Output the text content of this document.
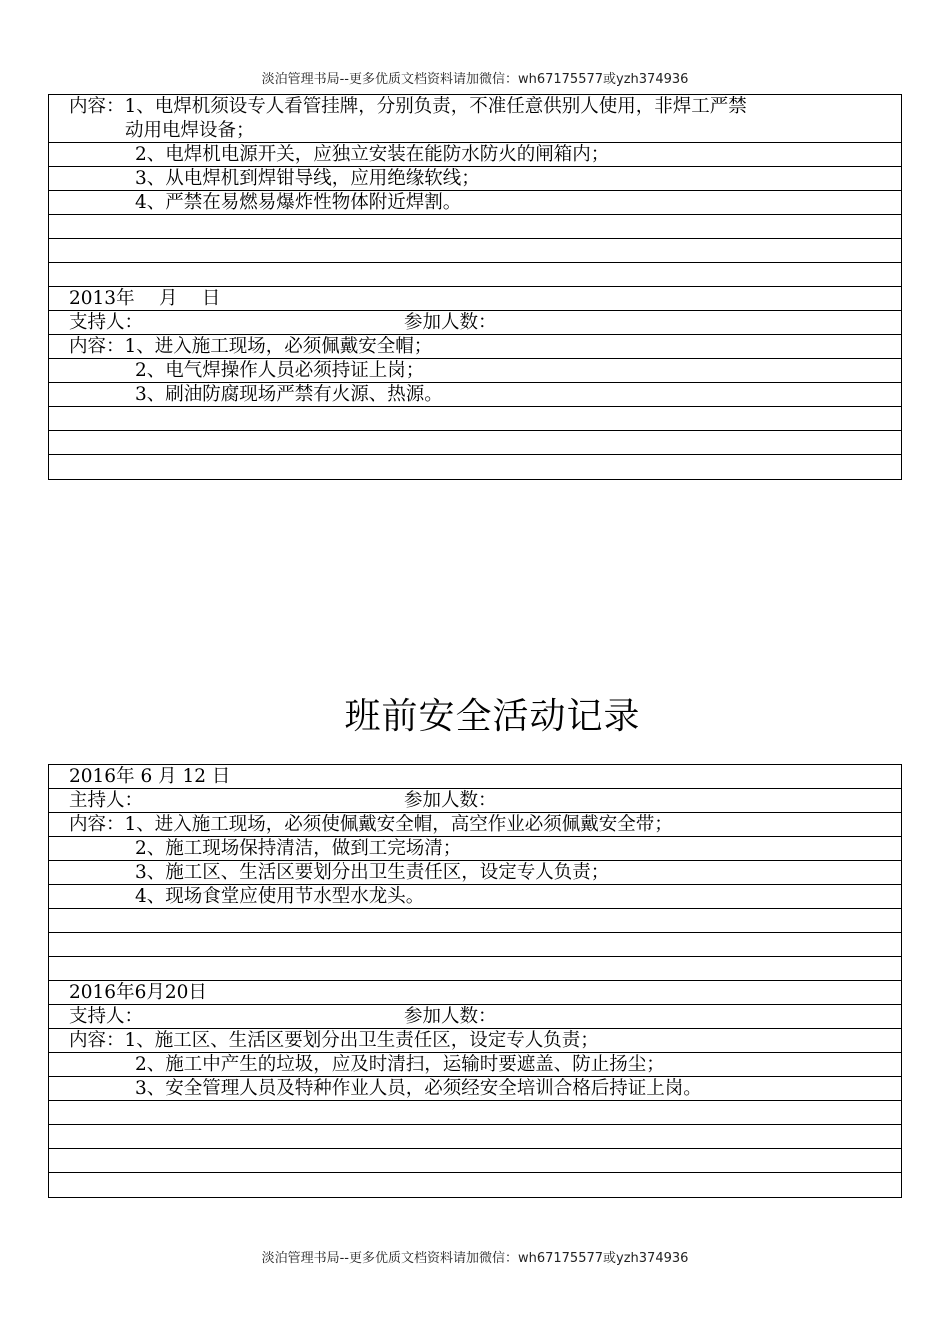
淡泊管理书局--更多优质文档资料请加微信：wh67175577或yzh374936
内容：1、电焊机须设专人看管挂牌，分别负责，不准任意供别人使用，非焊工严禁
动用电焊设备；
2、电焊机电源开关，应独立安装在能防水防火的闸箱内；
3、从电焊机到焊钳导线，应用绝缘软线；
4、严禁在易燃易爆炸性物体附近焊割。
2013年　 月　 日
支持人：	参加人数：
内容：1、进入施工现场，必须佩戴安全帽；
2、电气焊操作人员必须持证上岗；
3、刷油防腐现场严禁有火源、热源。
班前安全活动记录
2016年 6 月 12 日
主持人：	参加人数：
内容：1、进入施工现场，必须使佩戴安全帽，高空作业必须佩戴安全带；
2、施工现场保持清洁，做到工完场清；
3、施工区、生活区要划分出卫生责任区，设定专人负责；
4、现场食堂应使用节水型水龙头。
2016年6月20日
支持人：	参加人数：
内容：1、施工区、生活区要划分出卫生责任区，设定专人负责；
2、施工中产生的垃圾，应及时清扫，运输时要遮盖、防止扬尘；
3、安全管理人员及特种作业人员，必须经安全培训合格后持证上岗。
淡泊管理书局--更多优质文档资料请加微信：wh67175577或yzh374936
